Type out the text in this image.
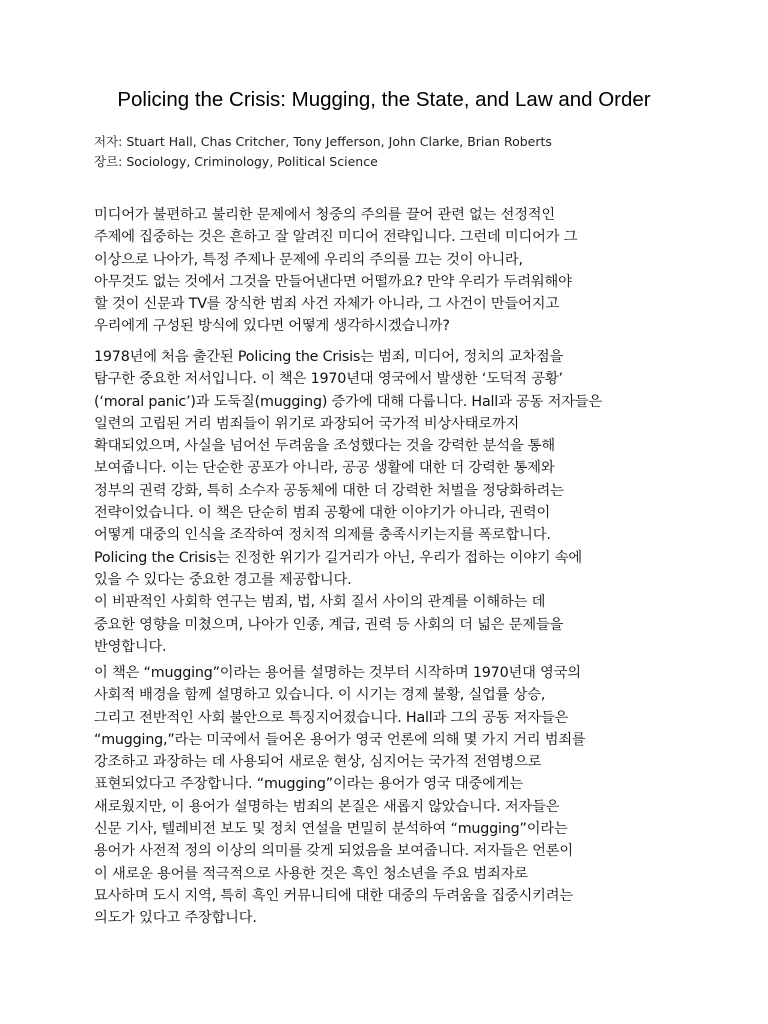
Policing the Crisis: Mugging, the State, and Law and Order
저자: Stuart Hall, Chas Critcher, Tony Jefferson, John Clarke, Brian Roberts
장르: Sociology, Criminology, Political Science
미디어가 불편하고 불리한 문제에서 청중의 주의를 끌어 관련 없는 선정적인
주제에 집중하는 것은 흔하고 잘 알려진 미디어 전략입니다. 그런데 미디어가 그
이상으로 나아가, 특정 주제나 문제에 우리의 주의를 끄는 것이 아니라,
아무것도 없는 것에서 그것을 만들어낸다면 어떨까요? 만약 우리가 두려워해야
할 것이 신문과 TV를 장식한 범죄 사건 자체가 아니라, 그 사건이 만들어지고
우리에게 구성된 방식에 있다면 어떻게 생각하시겠습니까?
1978년에 처음 출간된 Policing the Crisis는 범죄, 미디어, 정치의 교차점을
탐구한 중요한 저서입니다. 이 책은 1970년대 영국에서 발생한 ‘도덕적 공황’
(‘moral panic’)과 도둑질(mugging) 증가에 대해 다룹니다. Hall과 공동 저자들은
일련의 고립된 거리 범죄들이 위기로 과장되어 국가적 비상사태로까지
확대되었으며, 사실을 넘어선 두려움을 조성했다는 것을 강력한 분석을 통해
보여줍니다. 이는 단순한 공포가 아니라, 공공 생활에 대한 더 강력한 통제와
정부의 권력 강화, 특히 소수자 공동체에 대한 더 강력한 처벌을 정당화하려는
전략이었습니다. 이 책은 단순히 범죄 공황에 대한 이야기가 아니라, 권력이
어떻게 대중의 인식을 조작하여 정치적 의제를 충족시키는지를 폭로합니다.
Policing the Crisis는 진정한 위기가 길거리가 아닌, 우리가 접하는 이야기 속에
있을 수 있다는 중요한 경고를 제공합니다.
이 비판적인 사회학 연구는 범죄, 법, 사회 질서 사이의 관계를 이해하는 데
중요한 영향을 미쳤으며, 나아가 인종, 계급, 권력 등 사회의 더 넓은 문제들을
반영합니다.
이 책은 “mugging”이라는 용어를 설명하는 것부터 시작하며 1970년대 영국의
사회적 배경을 함께 설명하고 있습니다. 이 시기는 경제 불황, 실업률 상승,
그리고 전반적인 사회 불안으로 특징지어졌습니다. Hall과 그의 공동 저자들은
“mugging,”라는 미국에서 들어온 용어가 영국 언론에 의해 몇 가지 거리 범죄를
강조하고 과장하는 데 사용되어 새로운 현상, 심지어는 국가적 전염병으로
표현되었다고 주장합니다. “mugging”이라는 용어가 영국 대중에게는
새로웠지만, 이 용어가 설명하는 범죄의 본질은 새롭지 않았습니다. 저자들은
신문 기사, 텔레비전 보도 및 정치 연설을 면밀히 분석하여 “mugging”이라는
용어가 사전적 정의 이상의 의미를 갖게 되었음을 보여줍니다. 저자들은 언론이
이 새로운 용어를 적극적으로 사용한 것은 흑인 청소년을 주요 범죄자로
묘사하며 도시 지역, 특히 흑인 커뮤니티에 대한 대중의 두려움을 집중시키려는
의도가 있다고 주장합니다.
